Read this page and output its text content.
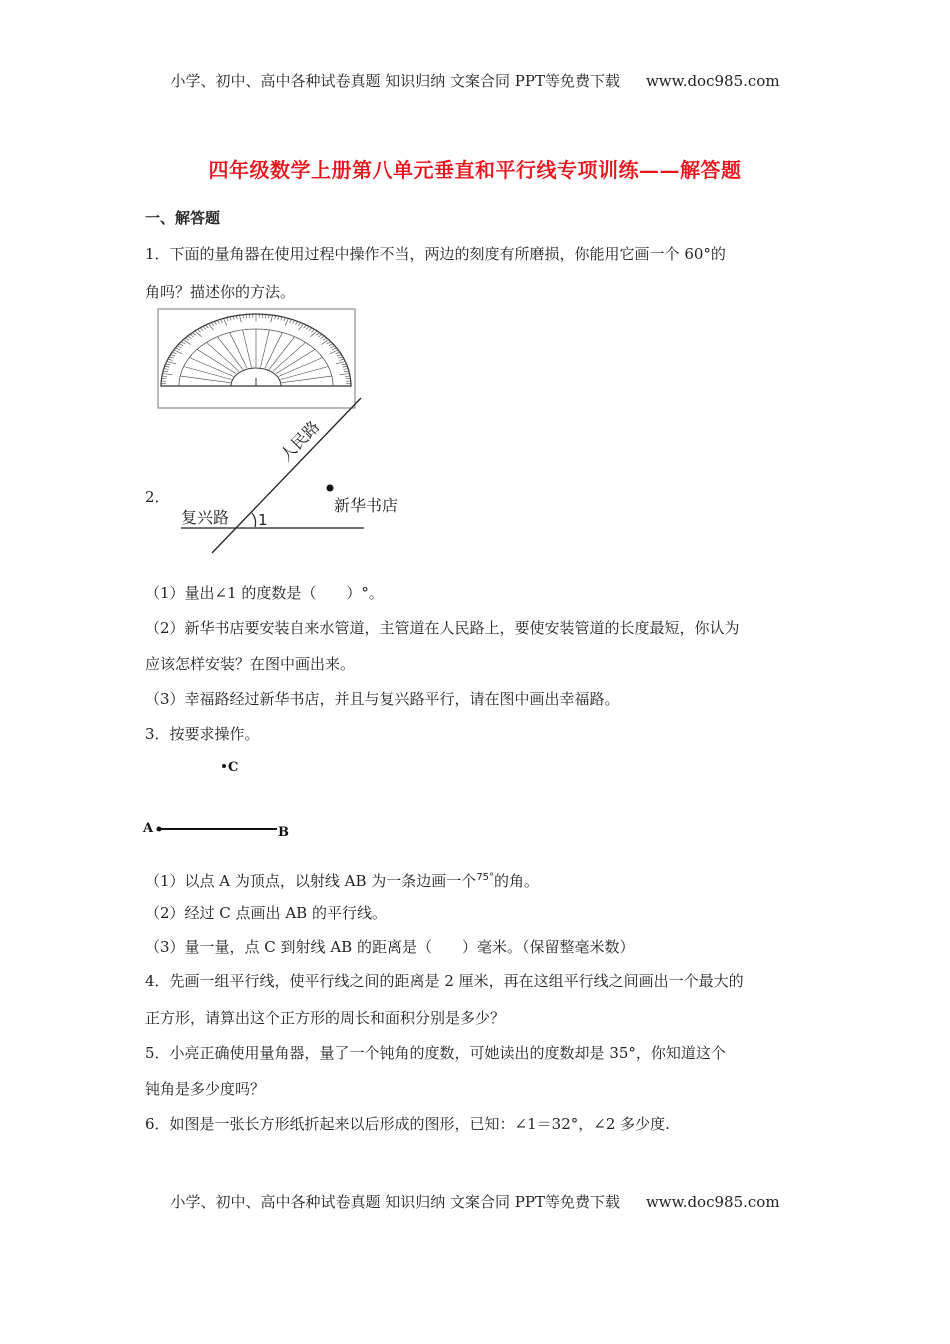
小学、初中、高中各种试卷真题 知识归纳 文案合同 PPT等免费下载 www.doc985.com
四年级数学上册第八单元垂直和平行线专项训练——解答题
一、解答题
1．下面的量角器在使用过程中操作不当，两边的刻度有所磨损，你能用它画一个 60°的
角吗？描述你的方法。
2．
人民路
复兴路 1
新华书店
（1）量出∠1 的度数是（　　）°。
（2）新华书店要安装自来水管道，主管道在人民路上，要使安装管道的长度最短，你认为
应该怎样安装？在图中画出来。
（3）幸福路经过新华书店，并且与复兴路平行，请在图中画出幸福路。
3．按要求操作。
C
A	B
（1）以点 A 为顶点，以射线 AB 为一条边画一个$^{75^\circ}$的角。
（2）经过 C 点画出 AB 的平行线。
（3）量一量，点 C 到射线 AB 的距离是（　　）毫米。（保留整毫米数）
4．先画一组平行线，使平行线之间的距离是 2 厘米，再在这组平行线之间画出一个最大的
正方形，请算出这个正方形的周长和面积分别是多少？
5．小亮正确使用量角器，量了一个钝角的度数，可她读出的度数却是 35°，你知道这个
钝角是多少度吗？
6．如图是一张长方形纸折起来以后形成的图形，已知：∠1＝32°，∠2 多少度.
小学、初中、高中各种试卷真题 知识归纳 文案合同 PPT等免费下载 www.doc985.com
